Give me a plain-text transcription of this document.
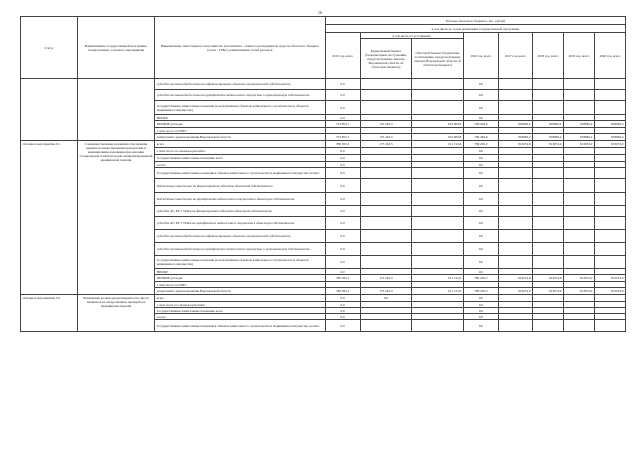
16
Статус	Наименование государственной программы, подпрограммы, основного мероприятия	Наименование ответственного исполнителя, исполнителя - главного распорядителя средств областного бюджета (далее - ГРБС), наименование статей расходов	Расходы областного бюджета, тыс. рублей							
			в том числе по годам реализации государственной программы							
			2015 год, всего	в том числе по источникам:		2016 год, всего	2017 год, всего	2018 год, всего	2019 год, всего	2020 год, всего
				федеральный бюджет (безвозмездные поступления, предусмотренные законом Воронежской области об областном бюджете)	областной бюджет (бюджетные ассигнования, предусмотренные законом Воронежской области об областном бюджете)					
		субсидии местным бюджетам на софинансирование объектов муниципальной собственности	0,0			0,0				
		субсидии местным бюджетам на приобретение недвижимого имущества в муниципальную собственность	0,0			0,0				
		Государственные капитальные вложения (за исключением объектов капитального строительства и объектов недвижимого имущества)	0,0			0,0				
		НИОКР	0,0			0,0				
		ПРОЧИЕ расходы	774 853,1	155 243,3	619 609,8	796 464,6	818849,2	818849,2	818849,2	818849,2
		в том числе по ГРБС:								
		департамент здравоохранения Воронежской области	774 853,1	155 243,3	619 609,8	796 464,6	818849,2	818849,2	818849,2	818849,2
Основное мероприятие 6.1	Совершенствование механизма обеспечения пациентов лекарственными препаратами и медицинскими изделиями при оказании стационарной и амбулаторной специализированной медицинской помощи	всего	786 395,3	175 243,3	611 152,0	789 265,2	813074,9	813074,9	813074,9	813074,9
		в том числе по статьям расходов:	0,0			0,0				
		Государственные капитальные вложения, всего	0,0			0,0				
		из них:	0,0			0,0				
		Государственные капитальные вложения в объекты капитального строительства и недвижимого имущества, из них:	0,0			0,0				
		бюджетные инвестиции на финансирование объектов областной собственности	0,0			0,0				
		бюджетные инвестиции на приобретение недвижимого имущества в областную собственность	0,0			0,0				
		субсидии АУ, БУ, ГУПам на финансирование объектов областной собственности	0,0			0,0				
		субсидии АУ, БУ, ГУПам на приобретение недвижимого имущества в областную собственность	0,0			0,0				
		субсидии местным бюджетам на софинансирование объектов муниципальной собственности	0,0			0,0				
		субсидии местным бюджетам на приобретение недвижимого имущества в муниципальную собственность	0,0			0,0				
		Государственные капитальные вложения (за исключением объектов капитального строительства и объектов недвижимого имущества)	0,0			0,0				
		НИОКР	0,0			0,0				
		ПРОЧИЕ расходы	786 395,3	175 243,3	611 152,0	789 265,2	813074,9	813074,9	813074,9	813074,9
		в том числе по ГРБС:								
		департамент здравоохранения Воронежской области	786 395,3	175 243,3	611 152,0	789 265,2	813074,9	813074,9	813074,9	813074,9
Основное мероприятие 6.2	Повышение уровня удовлетворенности спроса пациентов на лекарственные препараты и медицинские изделия	всего	0,0	0,0		0,0				
		в том числе по статьям расходов:	0,0			0,0				
		Государственные капитальные вложения, всего	0,0			0,0				
		из них:	0,0			0,0				
		Государственные капитальные вложения в объекты капитального строительства и недвижимого имущества, из них:	0,0			0,0				
